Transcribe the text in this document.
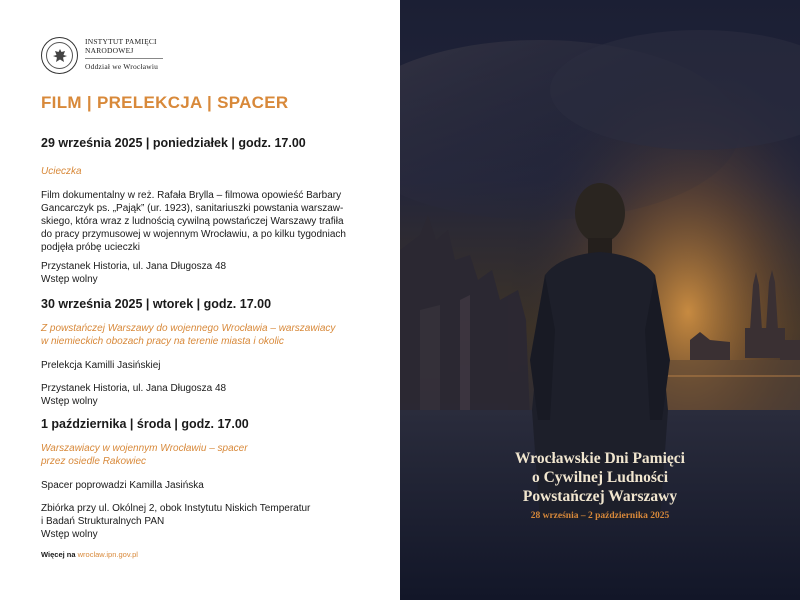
INSTYTUT PAMIĘCI
NARODOWEJ
Oddział we Wrocławiu
FILM | PRELEKCJA | SPACER
29 września 2025 | poniedziałek | godz. 17.00
Ucieczka
Film dokumentalny w reż. Rafała Brylla – filmowa opowieść Barbary
Gancarczyk ps. „Pająk” (ur. 1923), sanitariuszki powstania warszaw-
skiego, która wraz z ludnością cywilną powstańczej Warszawy trafiła
do pracy przymusowej w wojennym Wrocławiu, a po kilku tygodniach
podjęła próbę ucieczki
Przystanek Historia, ul. Jana Długosza 48
Wstęp wolny
30 września 2025 | wtorek | godz. 17.00
Z powstańczej Warszawy do wojennego Wrocławia – warszawiacy
w niemieckich obozach pracy na terenie miasta i okolic
Prelekcja Kamilli Jasińskiej
Przystanek Historia, ul. Jana Długosza 48
Wstęp wolny
1 października | środa | godz. 17.00
Warszawiacy w wojennym Wrocławiu – spacer
przez osiedle Rakowiec
Spacer poprowadzi Kamilla Jasińska
Zbiórka przy ul. Okólnej 2, obok Instytutu Niskich Temperatur
i Badań Strukturalnych PAN
Wstęp wolny
Więcej na wroclaw.ipn.gov.pl
Wrocławskie Dni Pamięci
o Cywilnej Ludności
Powstańczej Warszawy
28 września – 2 października 2025
